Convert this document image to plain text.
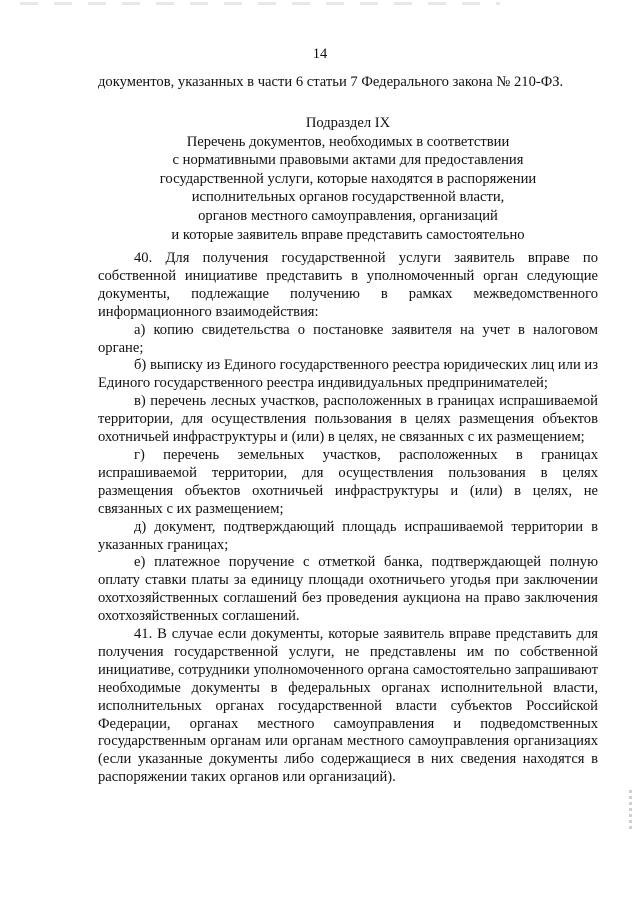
14

документов, указанных в части 6 статьи 7 Федерального закона № 210-ФЗ.

Подраздел IX
Перечень документов, необходимых в соответствии
с нормативными правовыми актами для предоставления
государственной услуги, которые находятся в распоряжении
исполнительных органов государственной власти,
органов местного самоуправления, организаций
и которые заявитель вправе представить самостоятельно

40. Для получения государственной услуги заявитель вправе по собственной инициативе представить в уполномоченный орган следующие документы, подлежащие получению в рамках межведомственного информационного взаимодействия:

а) копию свидетельства о постановке заявителя на учет в налоговом органе;

б) выписку из Единого государственного реестра юридических лиц или из Единого государственного реестра индивидуальных предпринимателей;

в) перечень лесных участков, расположенных в границах испрашиваемой территории, для осуществления пользования в целях размещения объектов охотничьей инфраструктуры и (или) в целях, не связанных с их размещением;

г) перечень земельных участков, расположенных в границах испрашиваемой территории, для осуществления пользования в целях размещения объектов охотничьей инфраструктуры и (или) в целях, не связанных с их размещением;

д) документ, подтверждающий площадь испрашиваемой территории в указанных границах;

е) платежное поручение с отметкой банка, подтверждающей полную оплату ставки платы за единицу площади охотничьего угодья при заключении охотхозяйственных соглашений без проведения аукциона на право заключения охотхозяйственных соглашений.

41. В случае если документы, которые заявитель вправе представить для получения государственной услуги, не представлены им по собственной инициативе, сотрудники уполномоченного органа самостоятельно запрашивают необходимые документы в федеральных органах исполнительной власти, исполнительных органах государственной власти субъектов Российской Федерации, органах местного самоуправления и подведомственных государственным органам или органам местного самоуправления организациях (если указанные документы либо содержащиеся в них сведения находятся в распоряжении таких органов или организаций).
